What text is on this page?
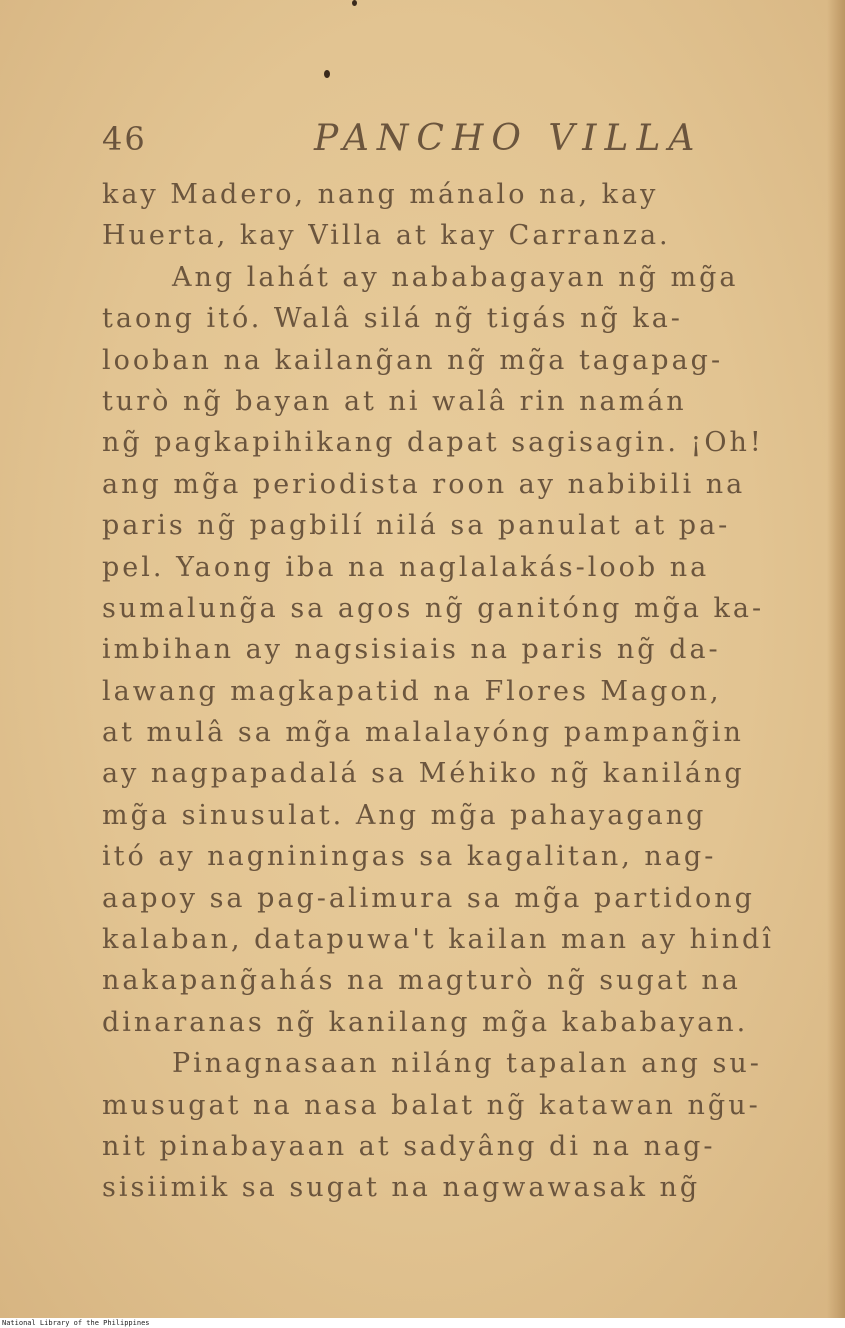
46	PANCHO VILLA
kay Madero, nang mánalo na, kay
Huerta, kay Villa at kay Carranza.
Ang lahát ay nababagayan ng̃ mg̃a
taong itó. Walâ silá ng̃ tigás ng̃ ka-
looban na kailang̃an ng̃ mg̃a tagapag-
turò ng̃ bayan at ni walâ rin namán
ng̃ pagkapihikang dapat sagisagin. ¡Oh!
ang mg̃a periodista roon ay nabibili na
paris ng̃ pagbilí nilá sa panulat at pa-
pel. Yaong iba na naglalakás-loob na
sumalung̃a sa agos ng̃ ganitóng mg̃a ka-
imbihan ay nagsisiais na paris ng̃ da-
lawang magkapatid na Flores Magon,
at mulâ sa mg̃a malalayóng pampang̃in
ay nagpapadalá sa Méhiko ng̃ kaniláng
mg̃a sinusulat. Ang mg̃a pahayagang
itó ay nagniningas sa kagalitan, nag-
aapoy sa pag-alimura sa mg̃a partidong
kalaban, datapuwa't kailan man ay hindî
nakapang̃ahás na magturò ng̃ sugat na
dinaranas ng̃ kanilang mg̃a kababayan.
Pinagnasaan niláng tapalan ang su-
musugat na nasa balat ng̃ katawan ng̃u-
nit pinabayaan at sadyâng di na nag-
sisiimik sa sugat na nagwawasak ng̃
National Library of the Philippines
